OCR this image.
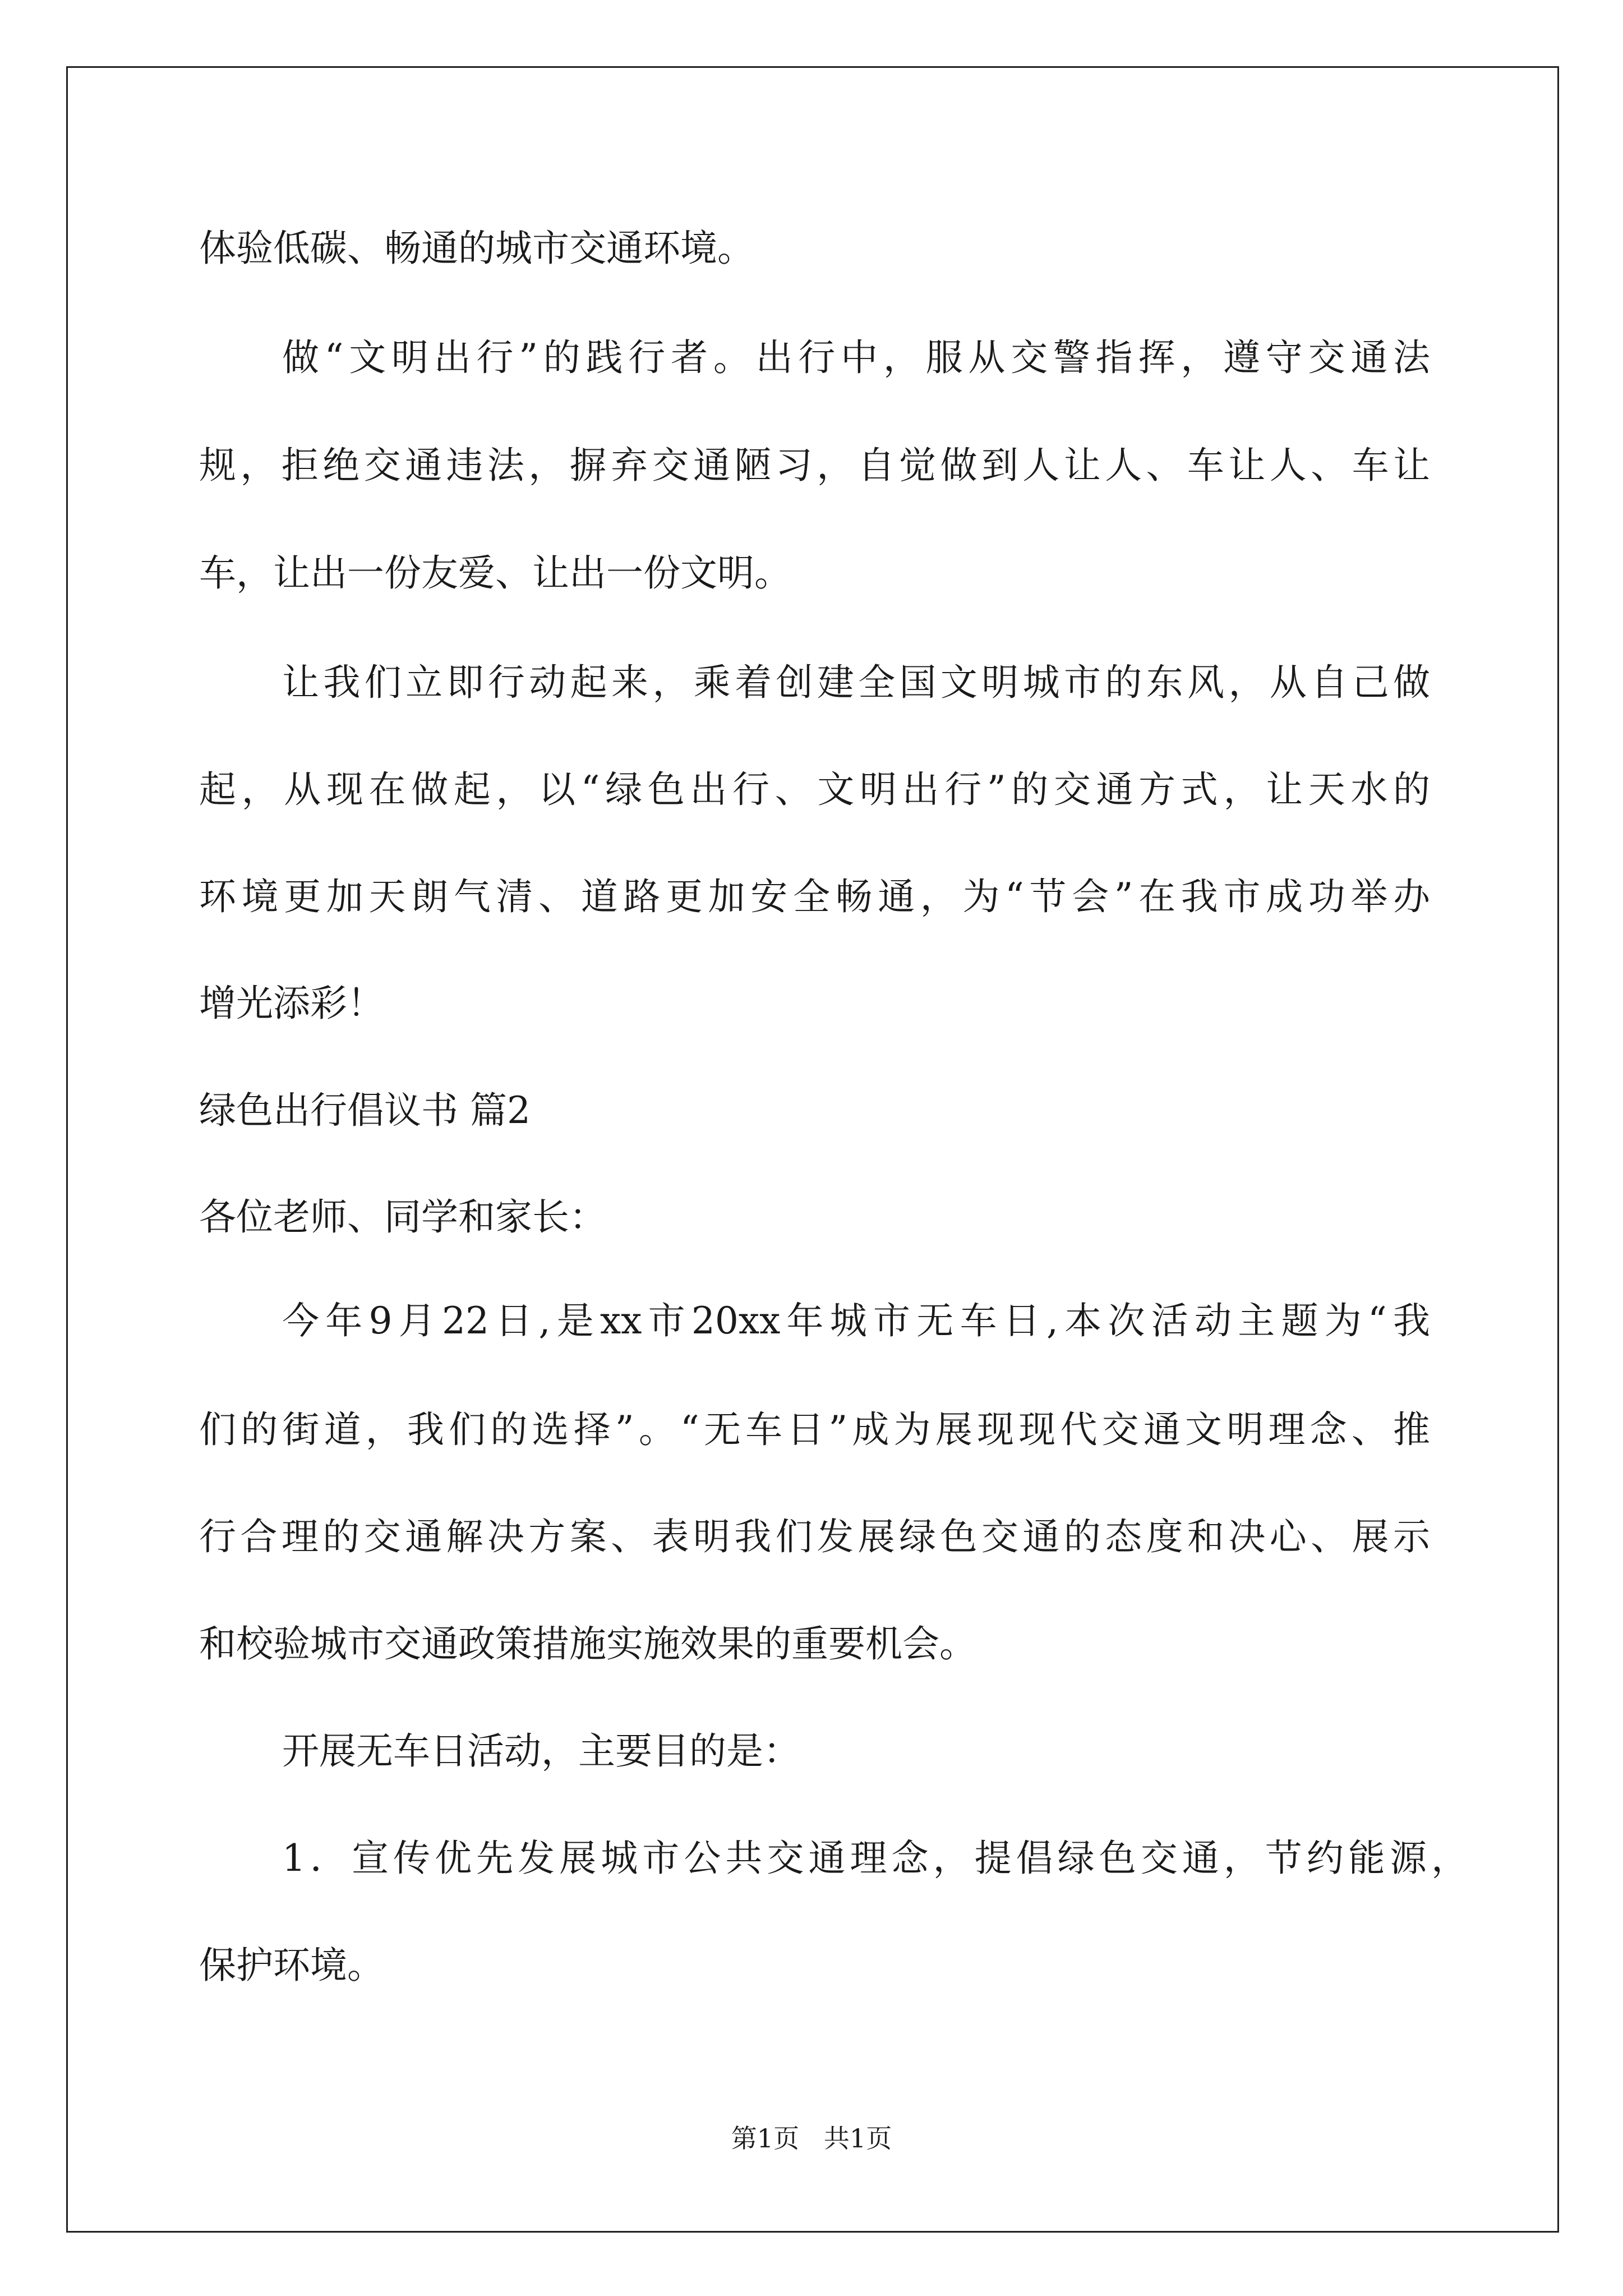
体验低碳、畅通的城市交通环境。
做“文明出行”的践行者。出行中，服从交警指挥，遵守交通法
规，拒绝交通违法，摒弃交通陋习，自觉做到人让人、车让人、车让
车，让出一份友爱、让出一份文明。
让我们立即行动起来，乘着创建全国文明城市的东风，从自己做
起，从现在做起，以“绿色出行、文明出行”的交通方式，让天水的
环境更加天朗气清、道路更加安全畅通，为“节会”在我市成功举办
增光添彩！
绿色出行倡议书 篇2
各位老师、同学和家长：
今年9月22日,是xx市20xx年城市无车日,本次活动主题为“我
们的街道，我们的选择”。“无车日”成为展现现代交通文明理念、推
行合理的交通解决方案、表明我们发展绿色交通的态度和决心、展示
和校验城市交通政策措施实施效果的重要机会。
开展无车日活动，主要目的是：
1．宣传优先发展城市公共交通理念，提倡绿色交通，节约能源，
保护环境。
第1页   共1页
